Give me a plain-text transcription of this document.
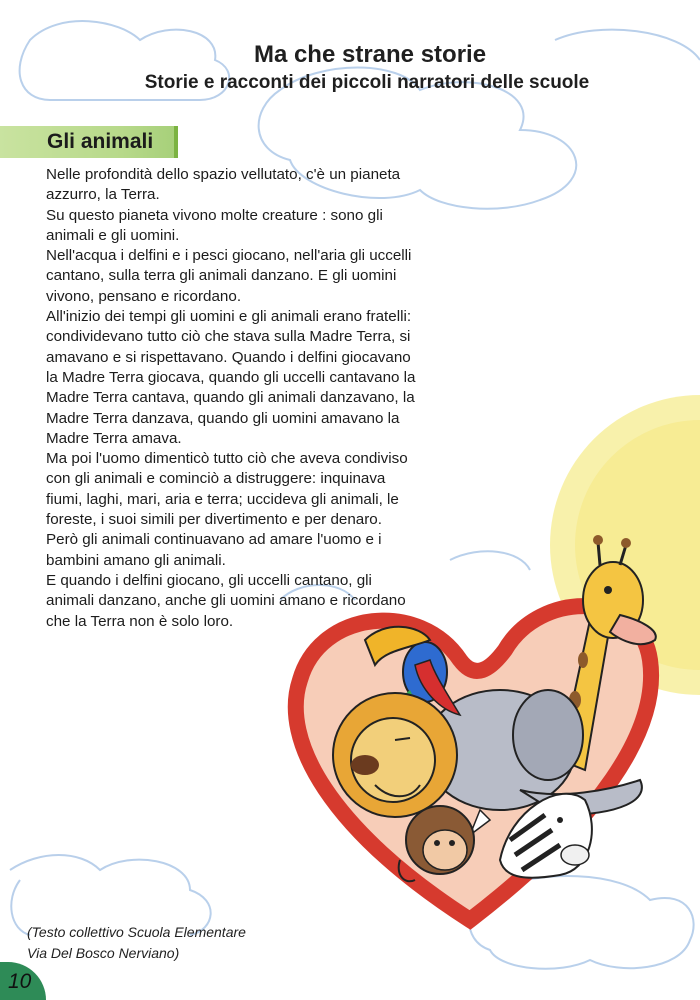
Ma che strane storie
Storie e racconti dei piccoli narratori delle scuole
Gli animali

Nelle profondità dello spazio vellutato, c'è un pianeta

azzurro, la Terra.

Su questo pianeta vivono molte creature : sono gli

animali e gli uomini.

Nell'acqua i delfini e i pesci giocano, nell'aria gli uccelli

cantano, sulla terra gli animali danzano. E gli uomini

vivono, pensano e ricordano.

All'inizio dei tempi gli uomini e gli animali erano fratelli:

condividevano tutto ciò che stava sulla Madre Terra, si

amavano e si rispettavano. Quando i delfini giocavano

la Madre Terra giocava, quando gli uccelli cantavano la

Madre Terra cantava, quando gli animali danzavano, la

Madre Terra danzava, quando gli uomini amavano la

Madre Terra amava.

Ma poi l'uomo dimenticò tutto ciò che aveva condiviso

con gli animali e cominciò a distruggere: inquinava

fiumi, laghi, mari, aria e terra; uccideva gli animali, le

foreste, i suoi simili per divertimento e per denaro.

Però gli animali continuavano ad amare l'uomo e i

bambini amano gli animali.

E quando i delfini giocano, gli uccelli cantano, gli

animali danzano, anche gli uomini amano e ricordano

che la Terra non è solo loro.

(Testo collettivo Scuola Elementare
Via Del Bosco Nerviano)
10
